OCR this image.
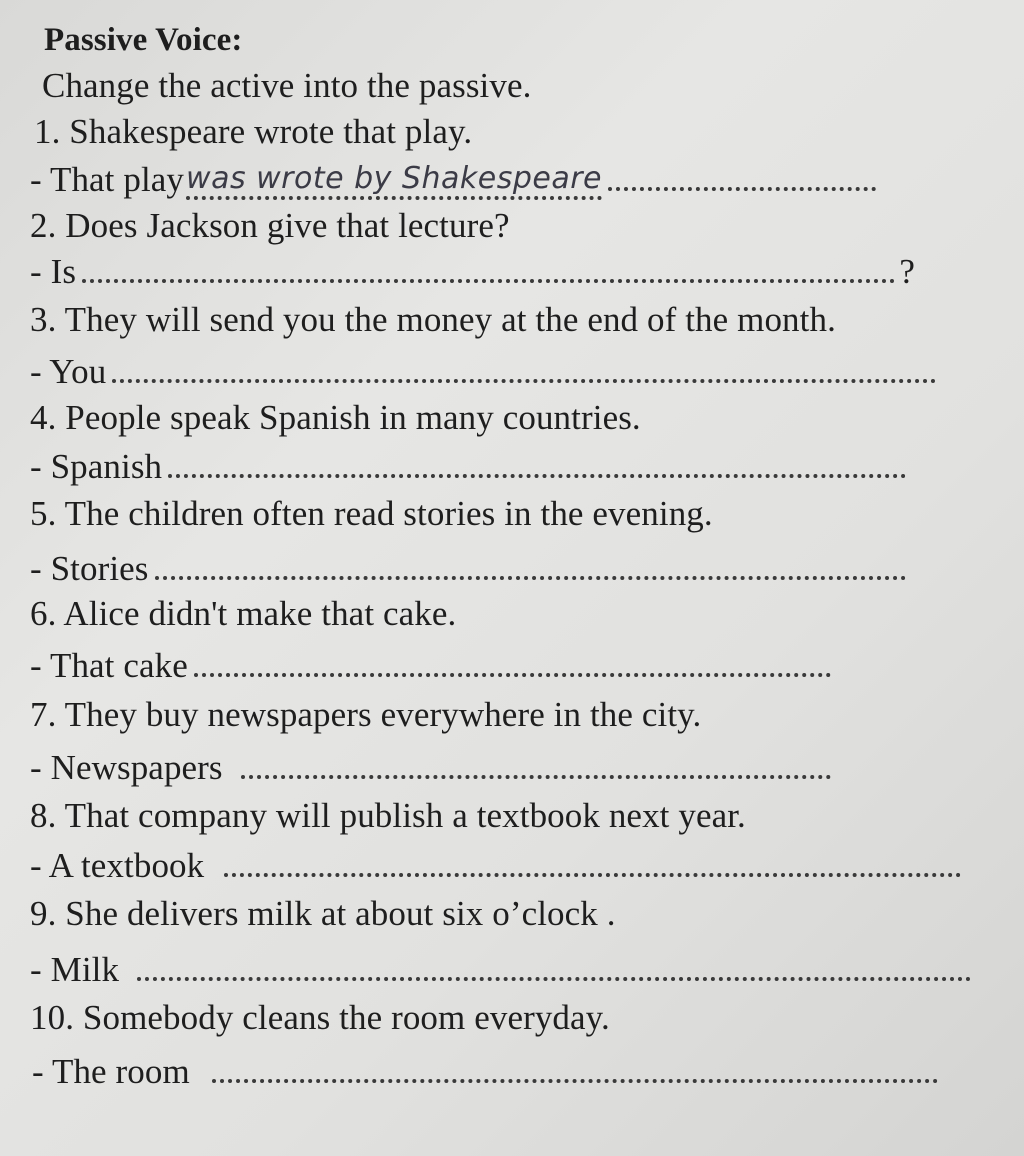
Passive Voice:
Change the active into the passive.
1. Shakespeare wrote that play.
- That play was wrote by Shakespeare
2. Does Jackson give that lecture?
- Is	?
3. They will send you the money at the end of the month.
- You
4. People speak Spanish in many countries.
- Spanish
5. The children often read stories in the evening.
- Stories
6. Alice didn't make that cake.
- That cake
7. They buy newspapers everywhere in the city.
- Newspapers
8. That company will publish a textbook next year.
- A textbook
9. She delivers milk at about six o’clock .
- Milk
10. Somebody cleans the room everyday.
- The room
